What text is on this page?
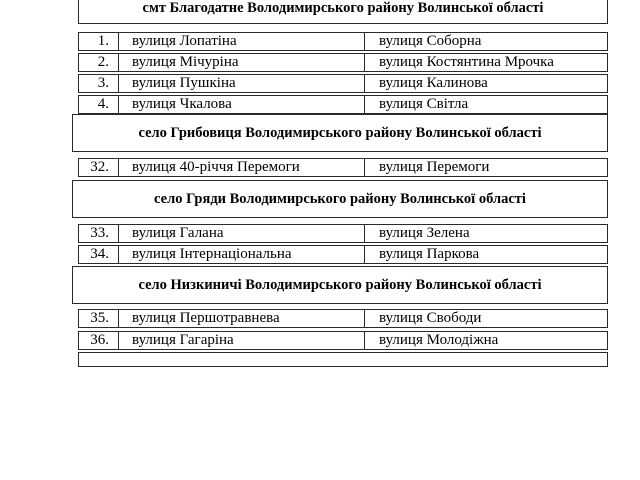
смт Благодатне Володимирського району Волинської області
1.	вулиця Лопатіна	вулиця Соборна
2.	вулиця Мічуріна	вулиця Костянтина Мрочка
3.	вулиця Пушкіна	вулиця Калинова
4.	вулиця Чкалова	вулиця Світла
село Грибовиця Володимирського району Волинської області
32.	вулиця 40-річчя Перемоги	вулиця Перемоги
село Гряди Володимирського району Волинської області
33.	вулиця Галана	вулиця Зелена
34.	вулиця Інтернаціональна	вулиця Паркова
село Низкиничі Володимирського району Волинської області
35.	вулиця Першотравнева	вулиця Свободи
36.	вулиця Гагаріна	вулиця Молодіжна
